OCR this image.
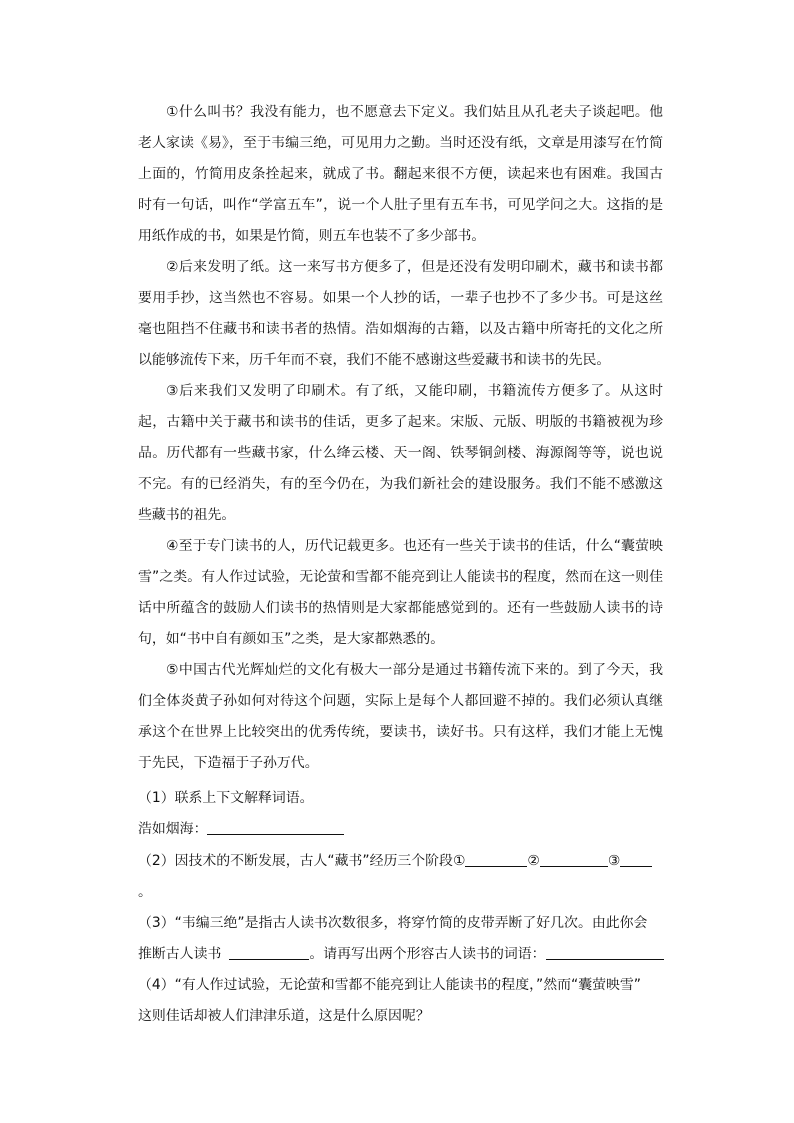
①什么叫书？我没有能力，也不愿意去下定义。我们姑且从孔老夫子谈起吧。他老人家读《易》，至于韦编三绝，可见用力之勤。当时还没有纸，文章是用漆写在竹简上面的，竹简用皮条拴起来，就成了书。翻起来很不方便，读起来也有困难。我国古时有一句话，叫作“学富五车”，说一个人肚子里有五车书，可见学问之大。这指的是用纸作成的书，如果是竹简，则五车也装不了多少部书。

②后来发明了纸。这一来写书方便多了，但是还没有发明印刷术，藏书和读书都要用手抄，这当然也不容易。如果一个人抄的话，一辈子也抄不了多少书。可是这丝毫也阻挡不住藏书和读书者的热情。浩如烟海的古籍，以及古籍中所寄托的文化之所以能够流传下来，历千年而不衰，我们不能不感谢这些爱藏书和读书的先民。

③后来我们又发明了印刷术。有了纸，又能印刷，书籍流传方便多了。从这时起，古籍中关于藏书和读书的佳话，更多了起来。宋版、元版、明版的书籍被视为珍品。历代都有一些藏书家，什么绛云楼、天一阁、铁琴铜剑楼、海源阁等等，说也说不完。有的已经消失，有的至今仍在，为我们新社会的建设服务。我们不能不感激这些藏书的祖先。

④至于专门读书的人，历代记载更多。也还有一些关于读书的佳话，什么“囊萤映雪”之类。有人作过试验，无论萤和雪都不能亮到让人能读书的程度，然而在这一则佳话中所蕴含的鼓励人们读书的热情则是大家都能感觉到的。还有一些鼓励人读书的诗句，如“书中自有颜如玉”之类，是大家都熟悉的。

⑤中国古代光辉灿烂的文化有极大一部分是通过书籍传流下来的。到了今天，我们全体炎黄子孙如何对待这个问题，实际上是每个人都回避不掉的。我们必须认真继承这个在世界上比较突出的优秀传统，要读书，读好书。只有这样，我们才能上无愧于先民，下造福于子孙万代。

（1）联系上下文解释词语。
浩如烟海：
（2）因技术的不断发展，古人“藏书”经历三个阶段①	②	③
。
（3）“韦编三绝”是指古人读书次数很多，将穿竹简的皮带弄断了好几次。由此你会
推断古人读书	。请再写出两个形容古人读书的词语：
（4）“有人作过试验，无论萤和雪都不能亮到让人能读书的程度，”然而“囊萤映雪”
这则佳话却被人们津津乐道，这是什么原因呢？
